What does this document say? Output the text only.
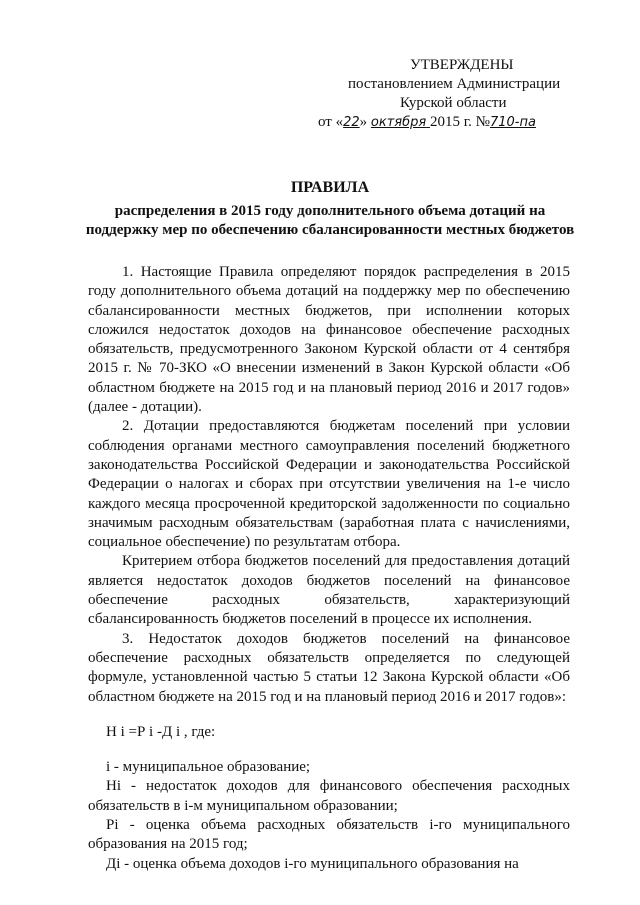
УТВЕРЖДЕНЫ
постановлением Администрации
Курской области
от «22» октября 2015 г. №710-па
ПРАВИЛА
распределения в 2015 году дополнительного объема дотаций на поддержку мер по обеспечению сбалансированности местных бюджетов

1. Настоящие Правила определяют порядок распределения в 2015 году дополнительного объема дотаций на поддержку мер по обеспечению сбалансированности местных бюджетов, при исполнении которых сложился недостаток доходов на финансовое обеспечение расходных обязательств, предусмотренного Законом Курской области от 4 сентября 2015 г. № 70-ЗКО «О внесении изменений в Закон Курской области «Об областном бюджете на 2015 год и на плановый период 2016 и 2017 годов» (далее - дотации).

2. Дотации предоставляются бюджетам поселений при условии соблюдения органами местного самоуправления поселений бюджетного законодательства Российской Федерации и законодательства Российской Федерации о налогах и сборах при отсутствии увеличения на 1-е число каждого месяца просроченной кредиторской задолженности по социально значимым расходным обязательствам (заработная плата с начислениями, социальное обеспечение) по результатам отбора.

Критерием отбора бюджетов поселений для предоставления дотаций является недостаток доходов бюджетов поселений на финансовое обеспечение расходных обязательств, характеризующий сбалансированность бюджетов поселений в процессе их исполнения.

3. Недостаток доходов бюджетов поселений на финансовое обеспечение расходных обязательств определяется по следующей формуле, установленной частью 5 статьи 12 Закона Курской области «Об областном бюджете на 2015 год и на плановый период 2016 и 2017 годов»:

Н i =Р i -Д i , где:

i - муниципальное образование;

Нi - недостаток доходов для финансового обеспечения расходных обязательств в i-м муниципальном образовании;

Рi - оценка объема расходных обязательств i-го муниципального образования на 2015 год;

Дi - оценка объема доходов i-го муниципального образования на
